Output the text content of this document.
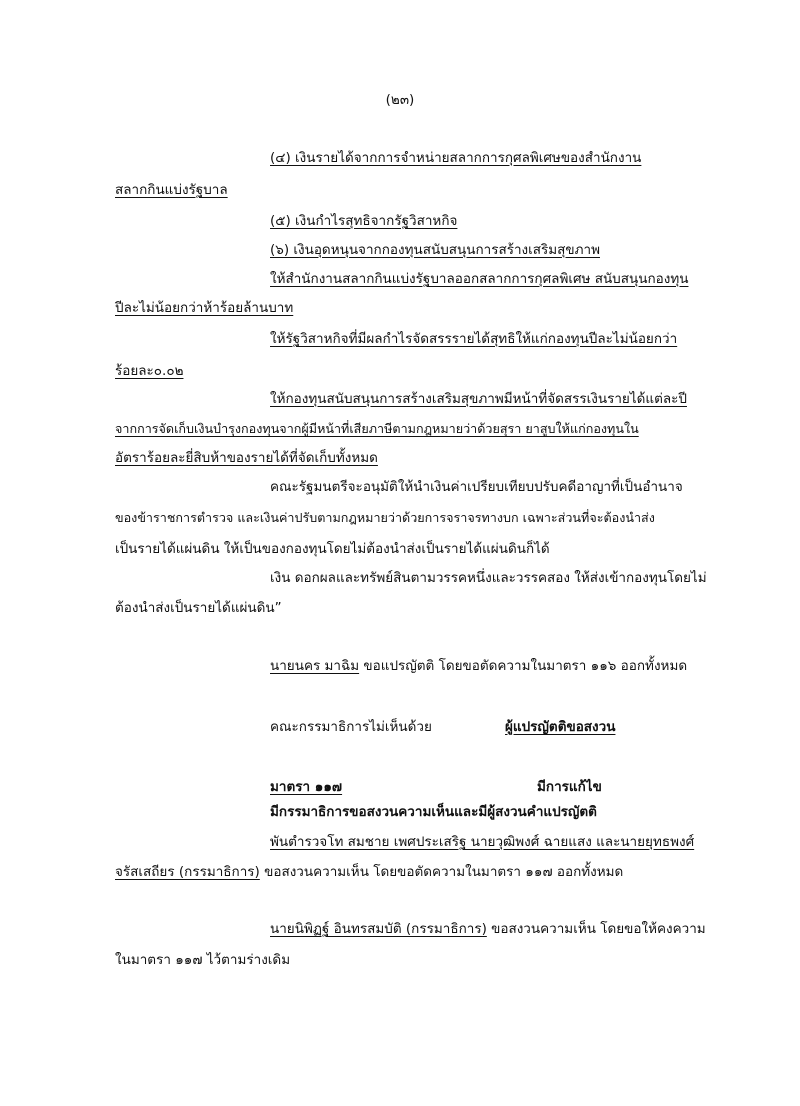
(๒๓)
(๔) เงินรายได้จากการจำหน่ายสลากการกุศลพิเศษของสำนักงาน
สลากกินแบ่งรัฐบาล
(๕) เงินกำไรสุทธิจากรัฐวิสาหกิจ
(๖) เงินอุดหนุนจากกองทุนสนับสนุนการสร้างเสริมสุขภาพ
ให้สำนักงานสลากกินแบ่งรัฐบาลออกสลากการกุศลพิเศษ สนับสนุนกองทุน
ปีละไม่น้อยกว่าห้าร้อยล้านบาท
ให้รัฐวิสาหกิจที่มีผลกำไรจัดสรรรายได้สุทธิให้แก่กองทุนปีละไม่น้อยกว่า
ร้อยละ๐.๐๒
ให้กองทุนสนับสนุนการสร้างเสริมสุขภาพมีหน้าที่จัดสรรเงินรายได้แต่ละปี
จากการจัดเก็บเงินบำรุงกองทุนจากผู้มีหน้าที่เสียภาษีตามกฎหมายว่าด้วยสุรา ยาสูบให้แก่กองทุนใน
อัตราร้อยละยี่สิบห้าของรายได้ที่จัดเก็บทั้งหมด
คณะรัฐมนตรีจะอนุมัติให้นำเงินค่าเปรียบเทียบปรับคดีอาญาที่เป็นอำนาจ
ของข้าราชการตำรวจ และเงินค่าปรับตามกฎหมายว่าด้วยการจราจรทางบก เฉพาะส่วนที่จะต้องนำส่ง
เป็นรายได้แผ่นดิน ให้เป็นของกองทุนโดยไม่ต้องนำส่งเป็นรายได้แผ่นดินก็ได้
เงิน ดอกผลและทรัพย์สินตามวรรคหนึ่งและวรรคสอง ให้ส่งเข้ากองทุนโดยไม่
ต้องนำส่งเป็นรายได้แผ่นดิน”
นายนคร มาฉิม ขอแปรญัตติ โดยขอตัดความในมาตรา ๑๑๖ ออกทั้งหมด
คณะกรรมาธิการไม่เห็นด้วย	ผู้แปรญัตติขอสงวน
มาตรา ๑๑๗	มีการแก้ไข
มีกรรมาธิการขอสงวนความเห็นและมีผู้สงวนคำแปรญัตติ
พันตำรวจโท สมชาย เพศประเสริฐ นายวุฒิพงศ์ ฉายแสง และนายยุทธพงศ์
จรัสเสถียร (กรรมาธิการ) ขอสงวนความเห็น โดยขอตัดความในมาตรา ๑๑๗ ออกทั้งหมด
นายนิพิฏฐ์ อินทรสมบัติ (กรรมาธิการ) ขอสงวนความเห็น โดยขอให้คงความ
ในมาตรา ๑๑๗ ไว้ตามร่างเดิม
